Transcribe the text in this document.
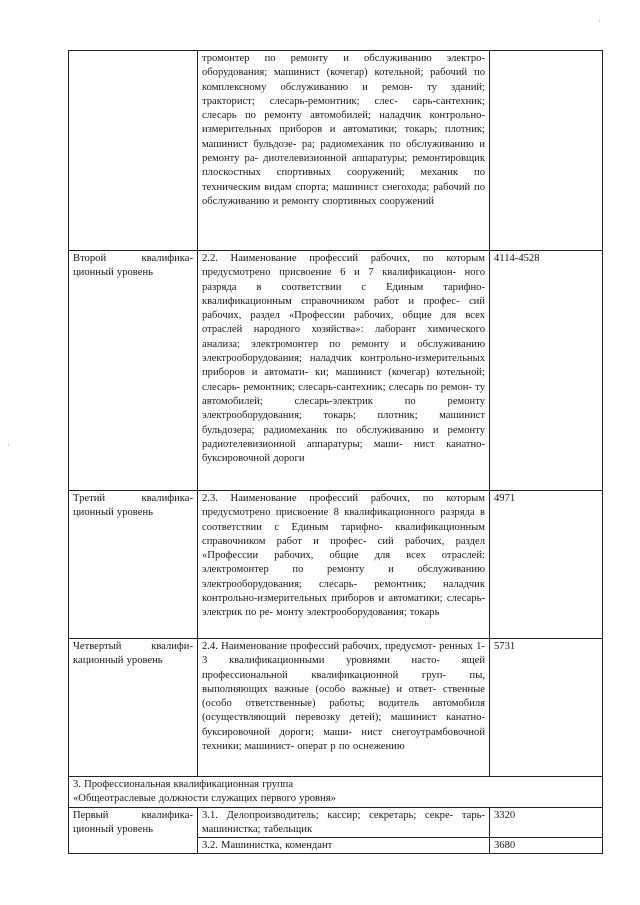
	тромонтер по ремонту и обслуживанию электро- оборудования; машинист (кочегар) котельной; рабочий по комплексному обслуживанию и ремон- ту зданий; тракторист; слесарь-ремонтник; слес- сарь-сантехник; слесарь по ремонту автомобилей; наладчик контрольно-измерительных приборов и автоматики; токарь; плотник; машинист бульдозе- ра; радиомеханик по обслуживанию и ремонту ра- диотелевизионной аппаратуры; ремонтировщик плоскостных спортивных сооружений; механик по техническим видам спорта; машинист снегохода; рабочий по обслуживанию и ремонту спортивных сооружений	
Второй квалифика- ционный уровень	2.2. Наименование профессий рабочих, по которым предусмотрено присвоение 6 и 7 квалификацион- ного разряда в соответствии с Единым тарифно- квалификационным справочником работ и профес- сий рабочих, раздел «Профессии рабочих, общие для всех отраслей народного хозяйства»: лаборант химического анализа; электромонтер по ремонту и обслуживанию электрооборудования; наладчик контрольно-измерительных приборов и автомати- ки; машинист (кочегар) котельной; слесарь- ремонтник; слесарь-сантехник; слесарь по ремон- ту автомобилей; слесарь-электрик по ремонту электрооборудования; токарь; плотник; машинист бульдозера; радиомеханик по обслуживанию и ремонту радиотелевизионной аппаратуры; маши- нист канатно-буксировочной дороги	4114-4528
Третий квалифика- ционный уровень	2.3. Наименование профессий рабочих, по которым предусмотрено присвоение 8 квалификационного разряда в соответствии с Единым тарифно- квалификационным справочником работ и профес- сий рабочих, раздел «Профессии рабочих, общие для всех отраслей: электромонтер по ремонту и обслуживанию электрооборудования; слесарь- ремонтник; наладчик контрольно-измерительных приборов и автоматики; слесарь-электрик по ре- монту электрооборудования; токарь	4971
Четвертый квалифи- кационный уровень	2.4. Наименование профессий рабочих, предусмот- ренных 1-3 квалификационными уровнями насто- ящей профессиональной квалификационной груп- пы, выполняющих важные (особо важные) и ответ- ственные (особо ответственные) работы; водитель автомобиля (осуществляющий перевозку детей); машинист канатно-буксировочной дороги; маши- нист снегоутрамбовочной техники; машинист- операт р по оснежению	5731

3. Профессиональная квалификационная группа
«Общеотраслевые должности служащих первого уровня»		

Первый квалифика- ционный уровень	3.1. Делопроизводитель; кассир; секретарь; секре- тарь-машинистка; табельщик	3320
	3.2. Машинистка, комендант	3680
·
·
